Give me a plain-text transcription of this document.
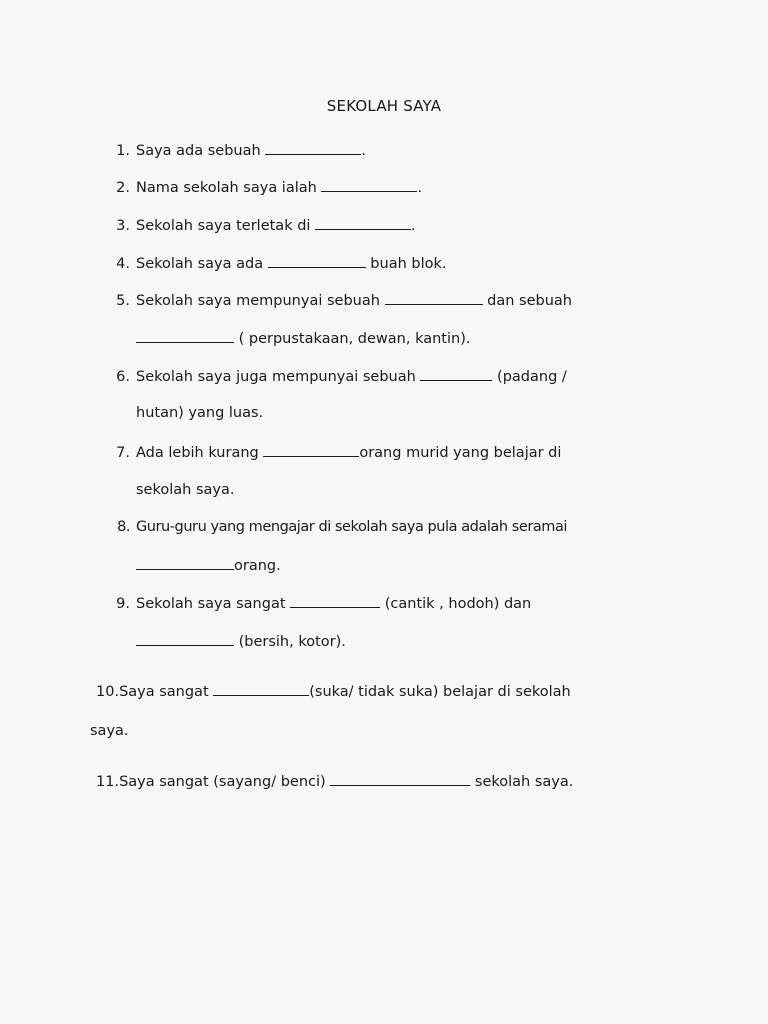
SEKOLAH SAYA
1. Saya ada sebuah	.
2. Nama sekolah saya ialah	.
3. Sekolah saya terletak di	.
4. Sekolah saya ada	buah blok.
5. Sekolah saya mempunyai sebuah	dan sebuah
( perpustakaan, dewan, kantin).
6. Sekolah saya juga mempunyai sebuah	(padang /
hutan) yang luas.
7. Ada lebih kurang	orang murid yang belajar di
sekolah saya.
8. Guru-guru yang mengajar di sekolah saya pula adalah seramai
orang.
9. Sekolah saya sangat	(cantik , hodoh) dan
(bersih, kotor).
10.Saya sangat	(suka/ tidak suka) belajar di sekolah
saya.
11.Saya sangat (sayang/ benci)	sekolah saya.
